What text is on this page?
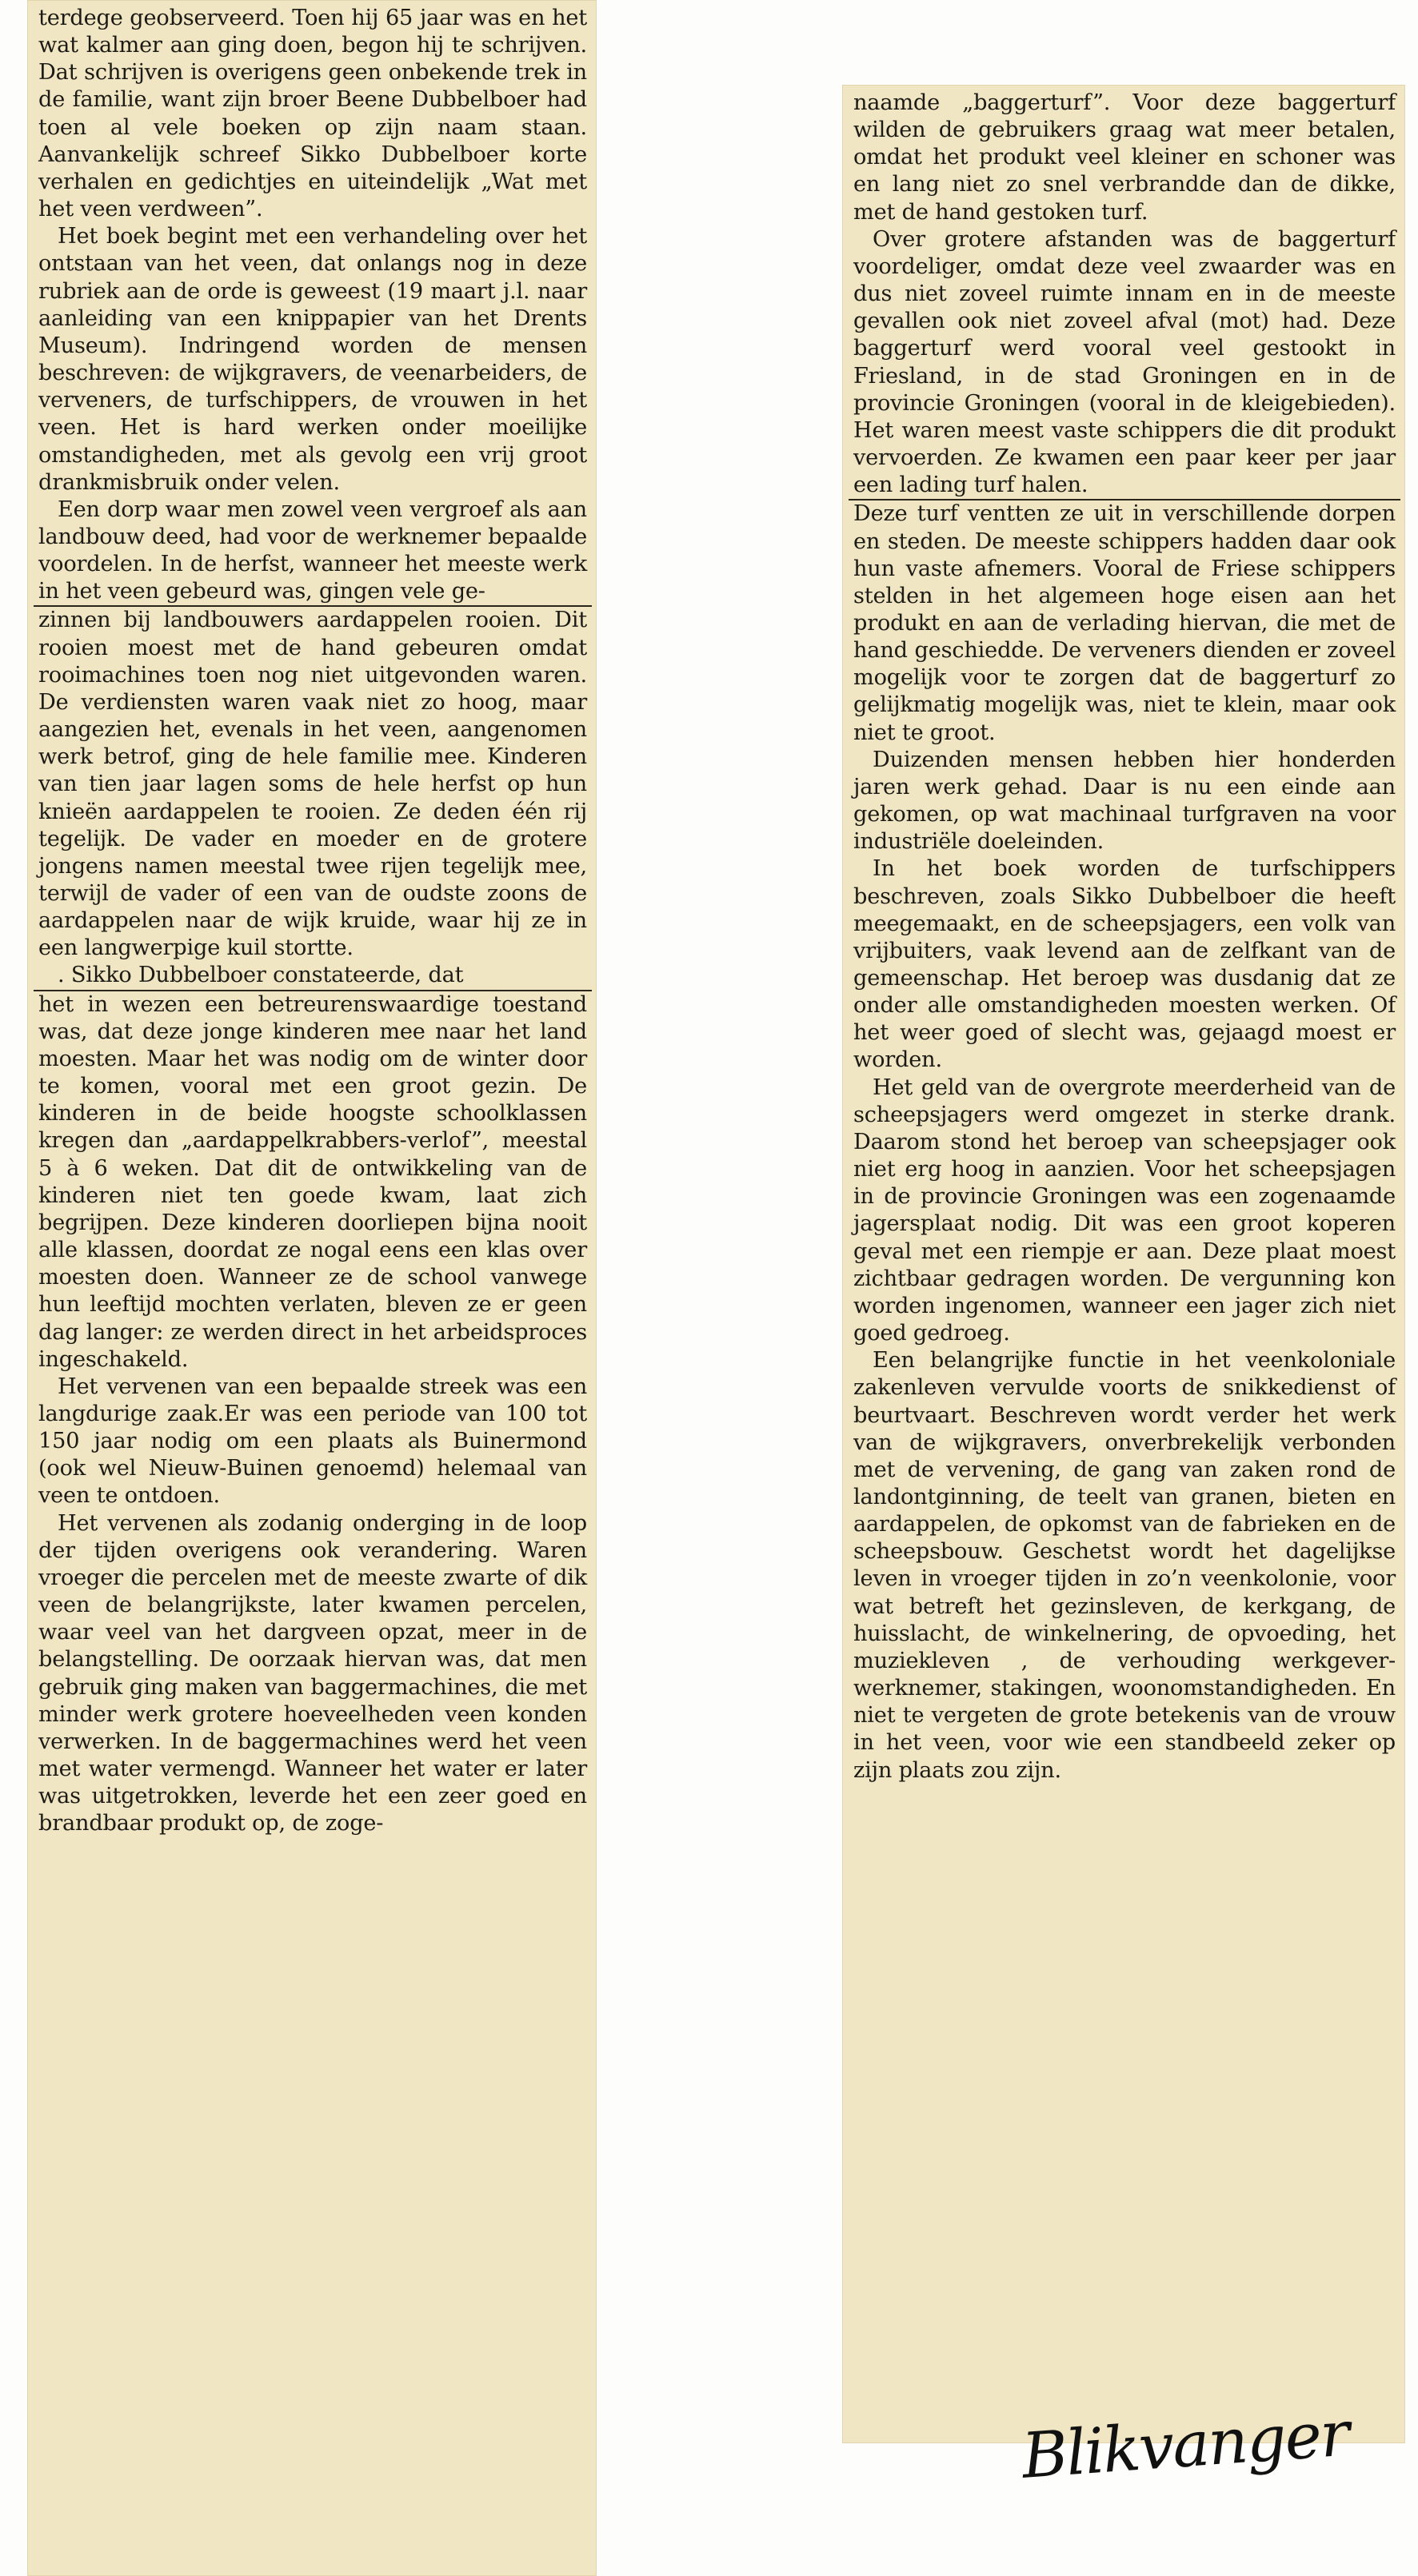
terdege geobserveerd. Toen hij 65 jaar was en het wat kalmer aan ging doen, begon hij te schrijven. Dat schrijven is overigens geen onbekende trek in de familie, want zijn broer Beene Dubbelboer had toen al vele boeken op zijn naam staan. Aanvankelijk schreef Sikko Dubbelboer korte verhalen en gedichtjes en uiteindelijk „Wat met het veen verdween”.

Het boek begint met een verhandeling over het ontstaan van het veen, dat onlangs nog in deze rubriek aan de orde is geweest (19 maart j.l. naar aanleiding van een knippapier van het Drents Museum). Indringend worden de mensen beschreven: de wijkgravers, de veenarbeiders, de verveners, de turfschippers, de vrouwen in het veen. Het is hard werken onder moeilijke omstandigheden, met als gevolg een vrij groot drankmisbruik onder velen.

Een dorp waar men zowel veen vergroef als aan landbouw deed, had voor de werknemer bepaalde voordelen. In de herfst, wanneer het meeste werk in het veen gebeurd was, gingen vele ge-

zinnen bij landbouwers aardappelen rooien. Dit rooien moest met de hand gebeuren omdat rooimachines toen nog niet uitgevonden waren. De verdiensten waren vaak niet zo hoog, maar aangezien het, evenals in het veen, aangenomen werk betrof, ging de hele familie mee. Kinderen van tien jaar lagen soms de hele herfst op hun knieën aardappelen te rooien. Ze deden één rij tegelijk. De vader en moeder en de grotere jongens namen meestal twee rijen tegelijk mee, terwijl de vader of een van de oudste zoons de aardappelen naar de wijk kruide, waar hij ze in een langwerpige kuil stortte.

. Sikko Dubbelboer constateerde, dat

het in wezen een betreurenswaardige toestand was, dat deze jonge kinderen mee naar het land moesten. Maar het was nodig om de winter door te komen, vooral met een groot gezin. De kinderen in de beide hoogste schoolklassen kregen dan „aardappelkrabbers-verlof”, meestal 5 à 6 weken. Dat dit de ontwikkeling van de kinderen niet ten goede kwam, laat zich begrijpen. Deze kinderen doorliepen bijna nooit alle klassen, doordat ze nogal eens een klas over moesten doen. Wanneer ze de school vanwege hun leeftijd mochten verlaten, bleven ze er geen dag langer: ze werden direct in het arbeidsproces ingeschakeld.

Het vervenen van een bepaalde streek was een langdurige zaak.Er was een periode van 100 tot 150 jaar nodig om een plaats als Buinermond (ook wel Nieuw-Buinen genoemd) helemaal van veen te ontdoen.

Het vervenen als zodanig onderging in de loop der tijden overigens ook verandering. Waren vroeger die percelen met de meeste zwarte of dik veen de belangrijkste, later kwamen percelen, waar veel van het dargveen opzat, meer in de belangstelling. De oorzaak hiervan was, dat men gebruik ging maken van baggermachines, die met minder werk grotere hoeveelheden veen konden verwerken. In de baggermachines werd het veen met water vermengd. Wanneer het water er later was uitgetrokken, leverde het een zeer goed en brandbaar produkt op, de zoge-

naamde „baggerturf”. Voor deze baggerturf wilden de gebruikers graag wat meer betalen, omdat het produkt veel kleiner en schoner was en lang niet zo snel verbrandde dan de dikke, met de hand gestoken turf.

Over grotere afstanden was de baggerturf voordeliger, omdat deze veel zwaarder was en dus niet zoveel ruimte innam en in de meeste gevallen ook niet zoveel afval (mot) had. Deze baggerturf werd vooral veel gestookt in Friesland, in de stad Groningen en in de provincie Groningen (vooral in de kleigebieden). Het waren meest vaste schippers die dit produkt vervoerden. Ze kwamen een paar keer per jaar een lading turf halen.

Deze turf ventten ze uit in verschillende dorpen en steden. De meeste schippers hadden daar ook hun vaste afnemers. Vooral de Friese schippers stelden in het algemeen hoge eisen aan het produkt en aan de verlading hiervan, die met de hand geschiedde. De verveners dienden er zoveel mogelijk voor te zorgen dat de baggerturf zo gelijkmatig mogelijk was, niet te klein, maar ook niet te groot.

Duizenden mensen hebben hier honderden jaren werk gehad. Daar is nu een einde aan gekomen, op wat machinaal turfgraven na voor industriële doeleinden.

In het boek worden de turfschippers beschreven, zoals Sikko Dubbelboer die heeft meegemaakt, en de scheepsjagers, een volk van vrijbuiters, vaak levend aan de zelfkant van de gemeenschap. Het beroep was dusdanig dat ze onder alle omstandigheden moesten werken. Of het weer goed of slecht was, gejaagd moest er worden.

Het geld van de overgrote meerderheid van de scheepsjagers werd omgezet in sterke drank. Daarom stond het beroep van scheepsjager ook niet erg hoog in aanzien. Voor het scheepsjagen in de provincie Groningen was een zogenaamde jagersplaat nodig. Dit was een groot koperen geval met een riempje er aan. Deze plaat moest zichtbaar gedragen worden. De vergunning kon worden ingenomen, wanneer een jager zich niet goed gedroeg.

Een belangrijke functie in het veenkoloniale zakenleven vervulde voorts de snikkedienst of beurtvaart. Beschreven wordt verder het werk van de wijkgravers, onverbrekelijk verbonden met de vervening, de gang van zaken rond de landontginning, de teelt van granen, bieten en aardappelen, de opkomst van de fabrieken en de scheepsbouw. Geschetst wordt het dagelijkse leven in vroeger tijden in zo’n veenkolonie, voor wat betreft het gezinsleven, de kerkgang, de huisslacht, de winkelnering, de opvoeding, het muziekleven , de verhouding werkgever-werknemer, stakingen, woonomstandigheden. En niet te vergeten de grote betekenis van de vrouw in het veen, voor wie een standbeeld zeker op zijn plaats zou zijn.

Blikvanger
